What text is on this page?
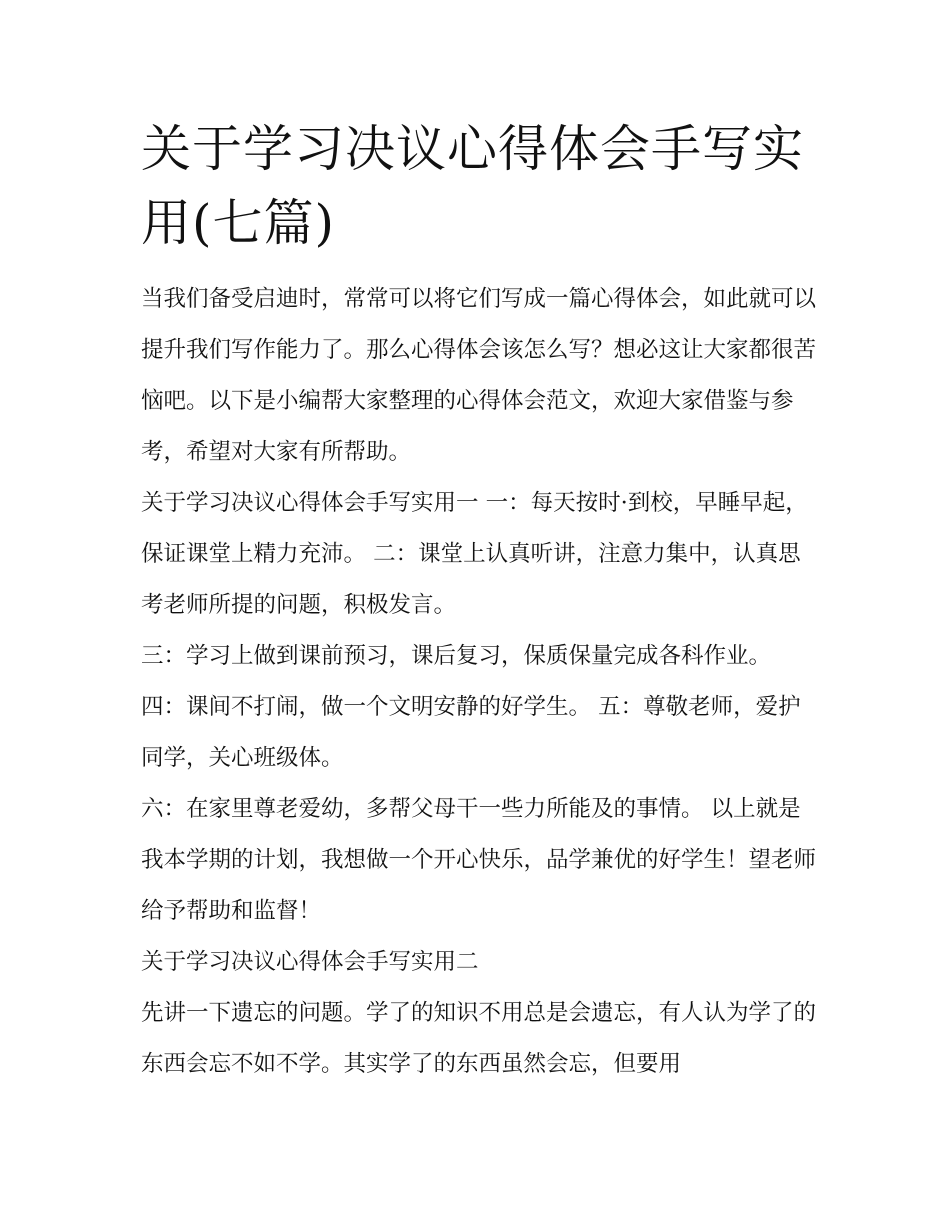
关于学习决议心得体会手写实用(七篇)

当我们备受启迪时，常常可以将它们写成一篇心得体会，如此就可以提升我们写作能力了。那么心得体会该怎么写？想必这让大家都很苦恼吧。以下是小编帮大家整理的心得体会范文，欢迎大家借鉴与参考，希望对大家有所帮助。

关于学习决议心得体会手写实用一 一：每天按时·到校，早睡早起，保证课堂上精力充沛。 二：课堂上认真听讲，注意力集中，认真思考老师所提的问题，积极发言。

三：学习上做到课前预习，课后复习，保质保量完成各科作业。 四：课间不打闹，做一个文明安静的好学生。 五：尊敬老师，爱护同学，关心班级体。

六：在家里尊老爱幼，多帮父母干一些力所能及的事情。 以上就是我本学期的计划，我想做一个开心快乐，品学兼优的好学生！望老师给予帮助和监督！

关于学习决议心得体会手写实用二

先讲一下遗忘的问题。学了的知识不用总是会遗忘，有人认为学了的东西会忘不如不学。其实学了的东西虽然会忘，但要用
